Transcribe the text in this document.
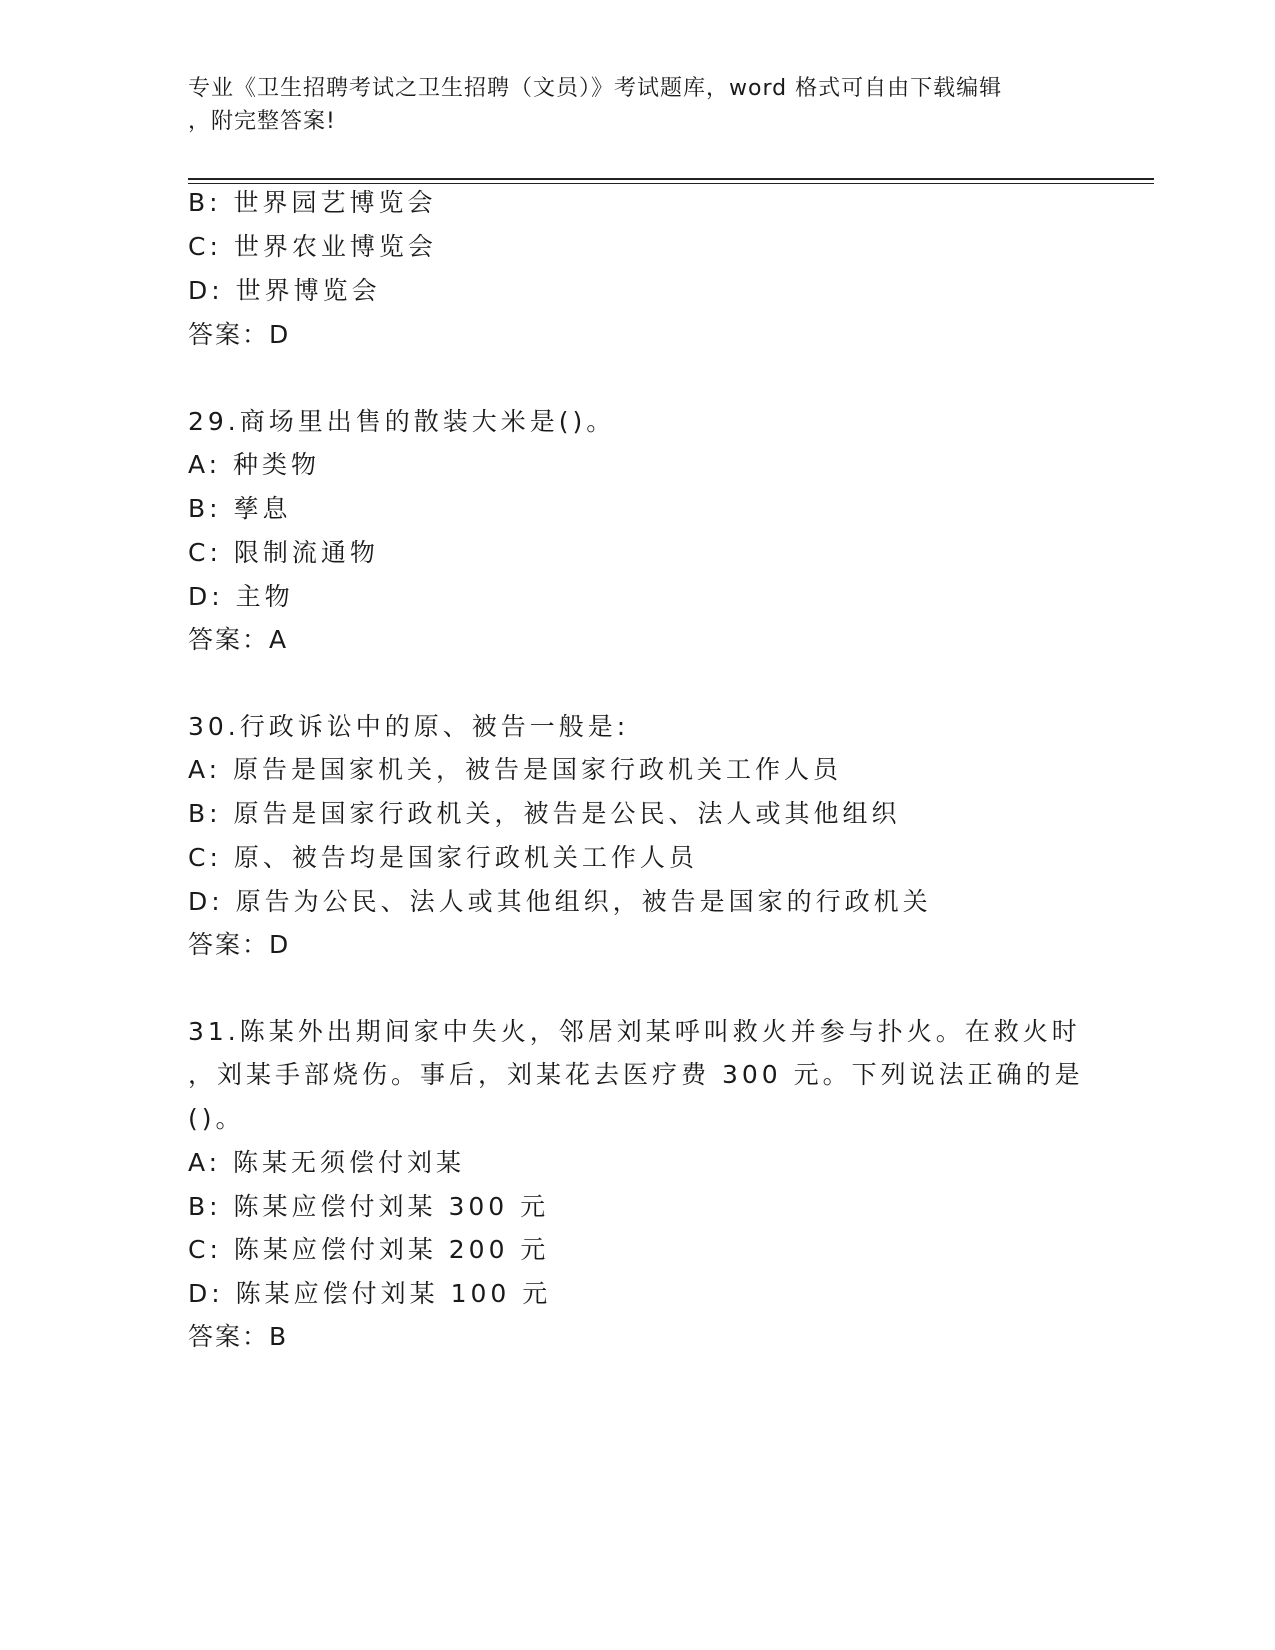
专业《卫生招聘考试之卫生招聘（文员）》考试题库，word 格式可自由下载编辑
，附完整答案!
B: 世界园艺博览会
C: 世界农业博览会
D: 世界博览会
答案：D
29.商场里出售的散装大米是()。
A: 种类物
B: 孳息
C: 限制流通物
D: 主物
答案：A
30.行政诉讼中的原、被告一般是:
A: 原告是国家机关，被告是国家行政机关工作人员
B: 原告是国家行政机关，被告是公民、法人或其他组织
C: 原、被告均是国家行政机关工作人员
D: 原告为公民、法人或其他组织，被告是国家的行政机关
答案：D
31.陈某外出期间家中失火，邻居刘某呼叫救火并参与扑火。在救火时
，刘某手部烧伤。事后，刘某花去医疗费 300 元。下列说法正确的是
()。
A: 陈某无须偿付刘某
B: 陈某应偿付刘某 300 元
C: 陈某应偿付刘某 200 元
D: 陈某应偿付刘某 100 元
答案：B
